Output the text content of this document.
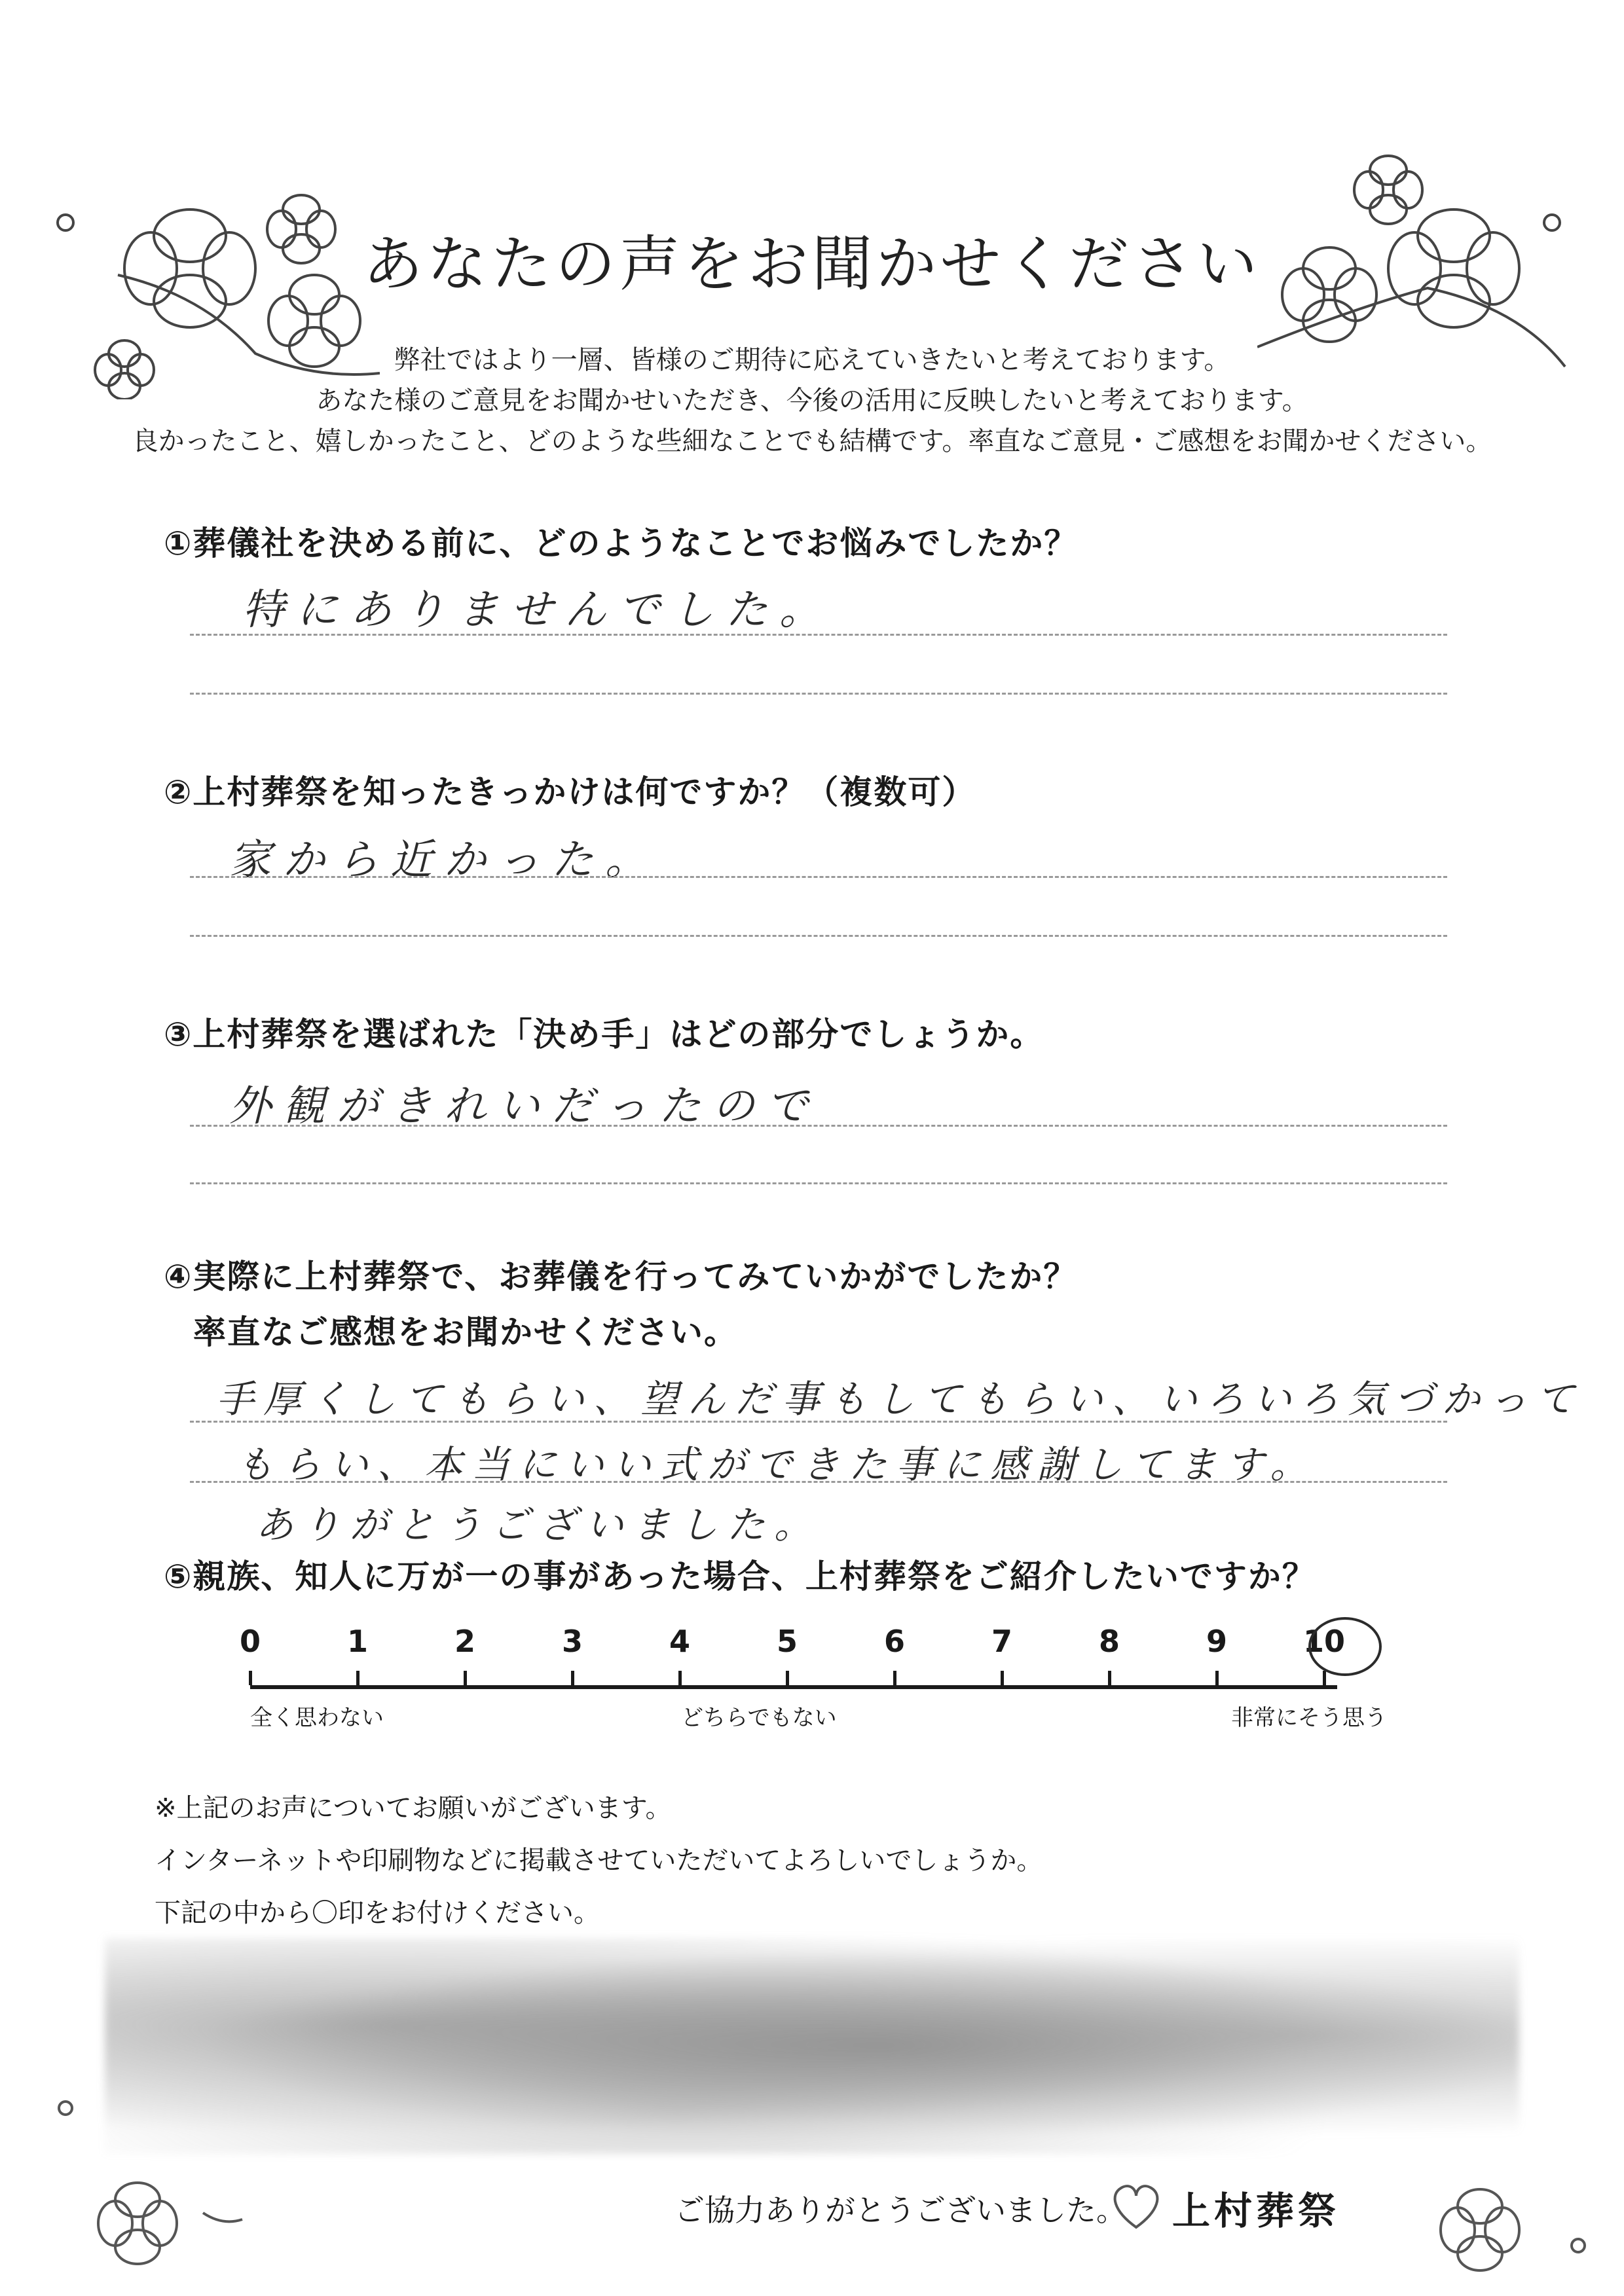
あなたの声をお聞かせください
弊社ではより一層、皆様のご期待に応えていきたいと考えております。
あなた様のご意見をお聞かせいただき、今後の活用に反映したいと考えております。
良かったこと、嬉しかったこと、どのような些細なことでも結構です。率直なご意見・ご感想をお聞かせください。
①葬儀社を決める前に、どのようなことでお悩みでしたか？
特にありませんでした。
②上村葬祭を知ったきっかけは何ですか？（複数可）
家から近かった。
③上村葬祭を選ばれた「決め手」はどの部分でしょうか。
外観がきれいだったので
④実際に上村葬祭で、お葬儀を行ってみていかがでしたか？
率直なご感想をお聞かせください。
手厚くしてもらい、望んだ事もしてもらい、いろいろ気づかって
もらい、本当にいい式ができた事に感謝してます。
ありがとうございました。
⑤親族、知人に万が一の事があった場合、上村葬祭をご紹介したいですか？
0	1	2	3	4	5	6	7	8	9	10
全く思わない	どちらでもない	非常にそう思う
※上記のお声についてお願いがございます。
インターネットや印刷物などに掲載させていただいてよろしいでしょうか。
下記の中から〇印をお付けください。
ご協力ありがとうございました。 上村葬祭
